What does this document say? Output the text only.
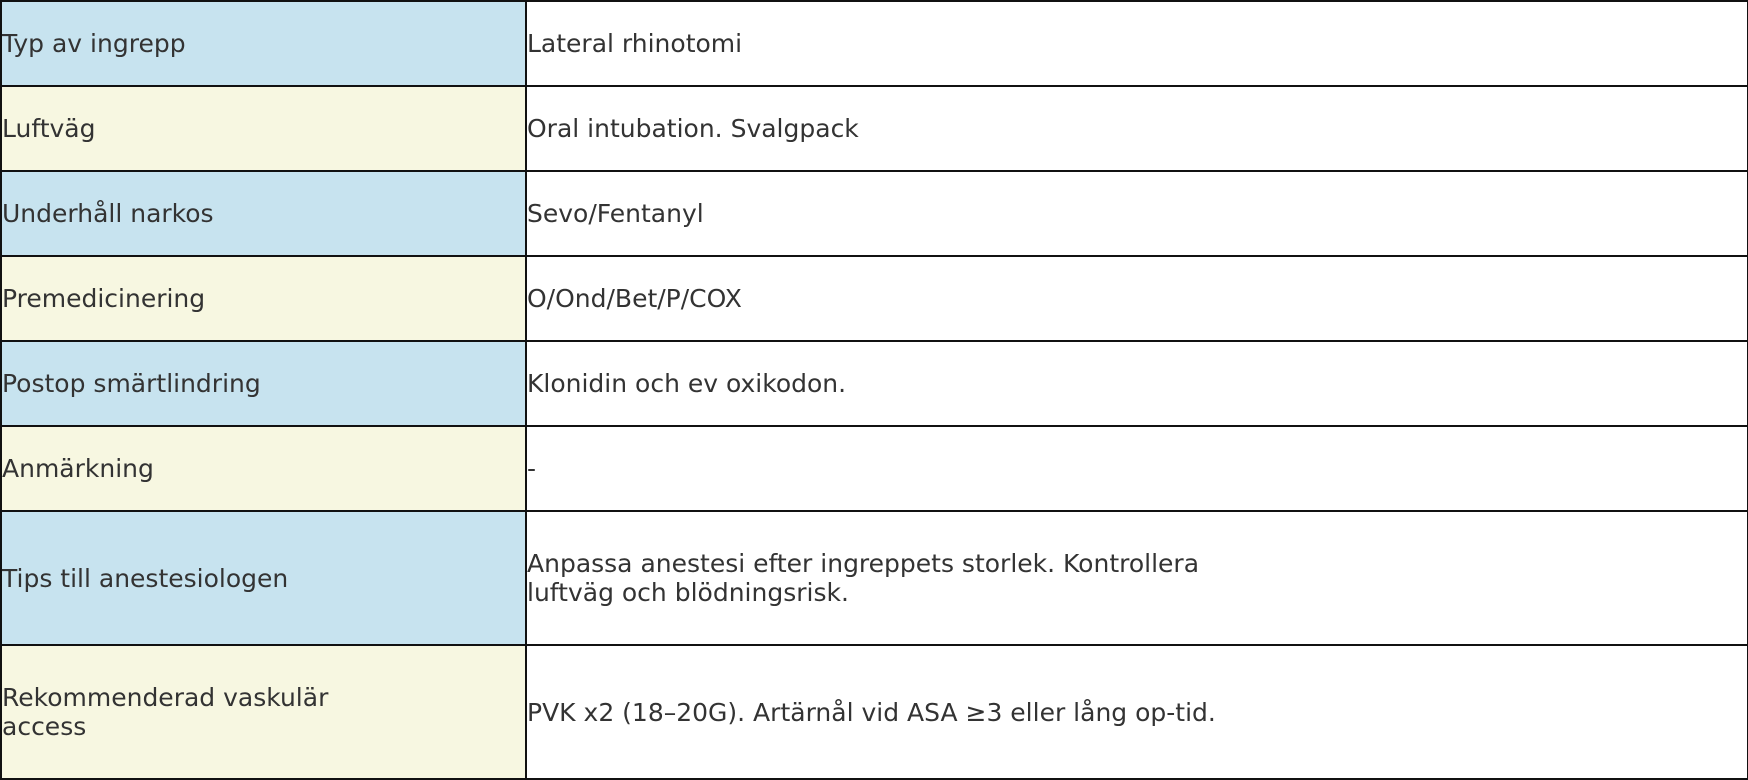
Typ av ingrepp	Lateral rhinotomi

Luftväg	Oral intubation. Svalgpack

Underhåll narkos	Sevo/Fentanyl

Premedicinering	O/Ond/Bet/P/COX

Postop smärtlindring	Klonidin och ev oxikodon.

Anmärkning	-

Tips till anestesiologen	Anpassa anestesi efter ingreppets storlek. Kontrollera luftväg och blödningsrisk.

Rekommenderad vaskulär access	PVK x2 (18–20G). Artärnål vid ASA ≥3 eller lång op-tid.
